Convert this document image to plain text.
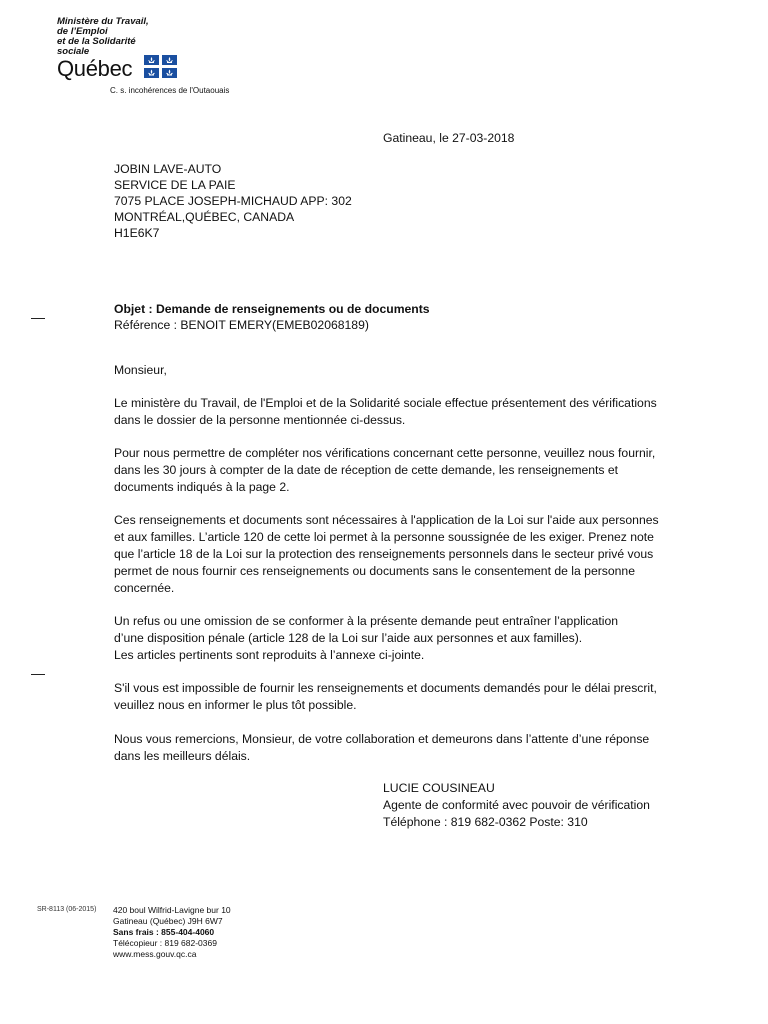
Ministère du Travail,
de l’Emploi
et de la Solidarité
sociale
Québec
C. s. incohérences de l'Outaouais
Gatineau, le 27-03-2018
JOBIN LAVE-AUTO
SERVICE DE LA PAIE
7075 PLACE JOSEPH-MICHAUD APP: 302
MONTRÉAL,QUÉBEC, CANADA
H1E6K7
Objet : Demande de renseignements ou de documents
Référence : BENOIT EMERY(EMEB02068189)
Monsieur,
Le ministère du Travail, de l'Emploi et de la Solidarité sociale effectue présentement des vérifications
dans le dossier de la personne mentionnée ci-dessus.
Pour nous permettre de compléter nos vérifications concernant cette personne, veuillez nous fournir,
dans les 30 jours à compter de la date de réception de cette demande, les renseignements et
documents indiqués à la page 2.
Ces renseignements et documents sont nécessaires à l'application de la Loi sur l'aide aux personnes
et aux familles. L’article 120 de cette loi permet à la personne soussignée de les exiger. Prenez note
que l’article 18 de la Loi sur la protection des renseignements personnels dans le secteur privé vous
permet de nous fournir ces renseignements ou documents sans le consentement de la personne
concernée.
Un refus ou une omission de se conformer à la présente demande peut entraîner l’application
d’une disposition pénale (article 128 de la Loi sur l’aide aux personnes et aux familles).
Les articles pertinents sont reproduits à l’annexe ci-jointe.
S'il vous est impossible de fournir les renseignements et documents demandés pour le délai prescrit,
veuillez nous en informer le plus tôt possible.
Nous vous remercions, Monsieur, de votre collaboration et demeurons dans l’attente d’une réponse
dans les meilleurs délais.
LUCIE COUSINEAU
Agente de conformité avec pouvoir de vérification
Téléphone : 819 682-0362 Poste: 310
SR-8113 (06-2015) 420 boul Wilfrid-Lavigne bur 10
Gatineau (Québec) J9H 6W7
Sans frais : 855-404-4060
Télécopieur : 819 682-0369
www.mess.gouv.qc.ca
